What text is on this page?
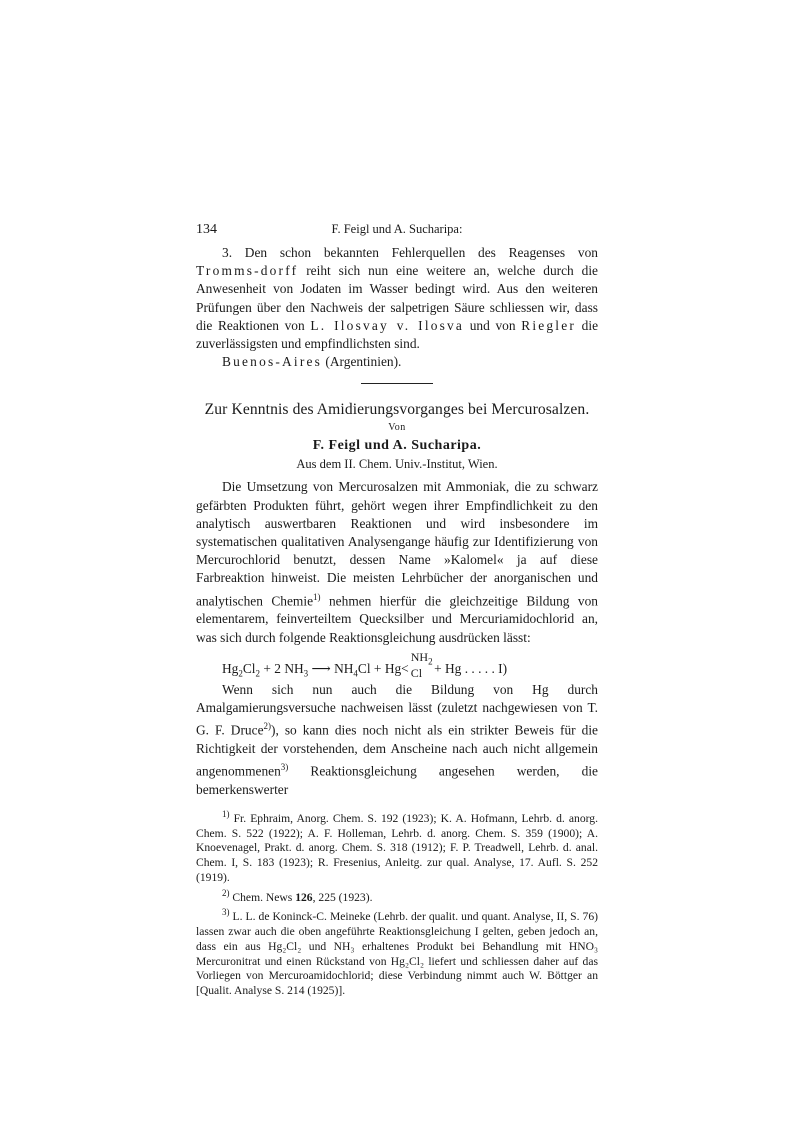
134	F. Feigl und A. Sucharipa:

3. Den schon bekannten Fehlerquellen des Reagenses von Tromms-dorff reiht sich nun eine weitere an, welche durch die Anwesenheit von Jodaten im Wasser bedingt wird. Aus den weiteren Prüfungen über den Nachweis der salpetrigen Säure schliessen wir, dass die Reaktionen von L. Ilosvay v. Ilosva und von Riegler die zuverlässigsten und empfindlichsten sind.

Buenos-Aires (Argentinien).

Zur Kenntnis des Amidierungsvorganges bei Mercurosalzen.
Von
F. Feigl und A. Sucharipa.
Aus dem II. Chem. Univ.-Institut, Wien.

Die Umsetzung von Mercurosalzen mit Ammoniak, die zu schwarz gefärbten Produkten führt, gehört wegen ihrer Empfindlichkeit zu den analytisch auswertbaren Reaktionen und wird insbesondere im systematischen qualitativen Analysengange häufig zur Identifizierung von Mercurochlorid benutzt, dessen Name »Kalomel« ja auf diese Farbreaktion hinweist. Die meisten Lehrbücher der anorganischen und analytischen Chemie$^{1)}$ nehmen hierfür die gleichzeitige Bildung von elementarem, feinverteiltem Quecksilber und Mercuriamidochlorid an, was sich durch folgende Reaktionsgleichung ausdrücken lässt:

$Hg_2Cl_2 + 2$ $NH_3$ ⟶ $NH_4Cl + Hg<$
$NH_2$
Cl + Hg . . . . . I)

Wenn sich nun auch die Bildung von Hg durch Amalgamierungsversuche nachweisen lässt (zuletzt nachgewiesen von T. G. F. Druce$^{2)}$), so kann dies noch nicht als ein strikter Beweis für die Richtigkeit der vorstehenden, dem Anscheine nach auch nicht allgemein angenommenen$^{3)}$ Reaktionsgleichung angesehen werden, die bemerkenswerter

$^{1)}$ Fr. Ephraim, Anorg. Chem. S. 192 (1923); K. A. Hofmann, Lehrb. d. anorg. Chem. S. 522 (1922); A. F. Holleman, Lehrb. d. anorg. Chem. S. 359 (1900); A. Knoevenagel, Prakt. d. anorg. Chem. S. 318 (1912); F. P. Treadwell, Lehrb. d. anal. Chem. I, S. 183 (1923); R. Fresenius, Anleitg. zur qual. Analyse, 17. Aufl. S. 252 (1919).

$^{2)}$ Chem. News 126, 225 (1923).

$^{3)}$ L. L. de Koninck-C. Meineke (Lehrb. der qualit. und quant. Analyse, II, S. 76) lassen zwar auch die oben angeführte Reaktionsgleichung I gelten, geben jedoch an, dass ein aus Hg₂Cl₂ und NH₃ erhaltenes Produkt bei Behandlung mit HNO₃ Mercuronitrat und einen Rückstand von Hg₂Cl₂ liefert und schliessen daher auf das Vorliegen von Mercuroamidochlorid; diese Verbindung nimmt auch W. Böttger an [Qualit. Analyse S. 214 (1925)].
